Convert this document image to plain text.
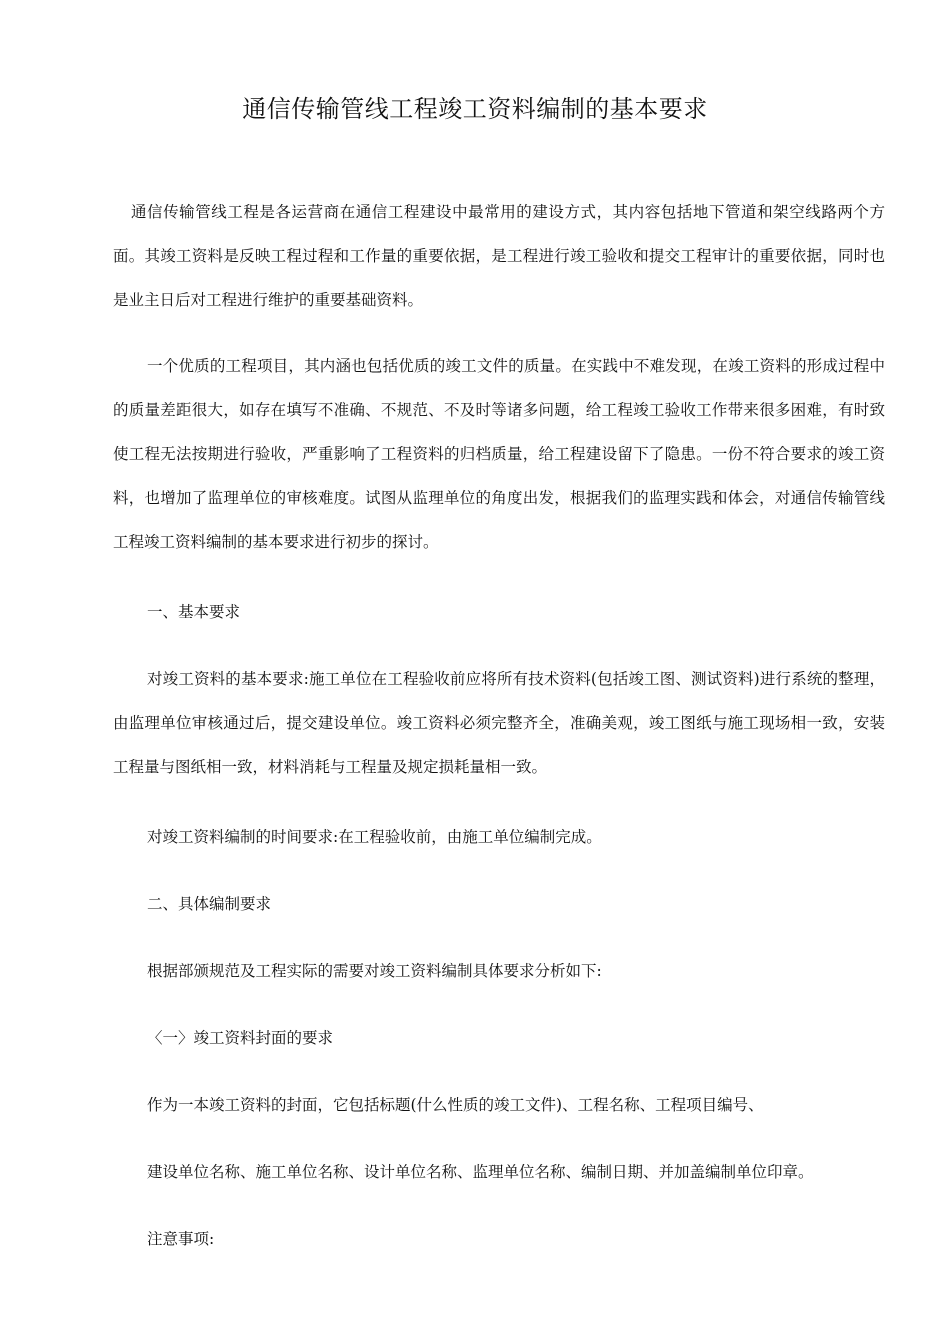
通信传输管线工程竣工资料编制的基本要求

通信传输管线工程是各运营商在通信工程建设中最常用的建设方式，其内容包括地下管道和架空线路两个方面。其竣工资料是反映工程过程和工作量的重要依据，是工程进行竣工验收和提交工程审计的重要依据，同时也是业主日后对工程进行维护的重要基础资料。

一个优质的工程项目，其内涵也包括优质的竣工文件的质量。在实践中不难发现，在竣工资料的形成过程中的质量差距很大，如存在填写不准确、不规范、不及时等诸多问题，给工程竣工验收工作带来很多困难，有时致使工程无法按期进行验收，严重影响了工程资料的归档质量，给工程建设留下了隐患。一份不符合要求的竣工资料，也增加了监理单位的审核难度。试图从监理单位的角度出发，根据我们的监理实践和体会，对通信传输管线工程竣工资料编制的基本要求进行初步的探讨。

一、基本要求

对竣工资料的基本要求:施工单位在工程验收前应将所有技术资料(包括竣工图、测试资料)进行系统的整理，由监理单位审核通过后，提交建设单位。竣工资料必须完整齐全，准确美观，竣工图纸与施工现场相一致，安装工程量与图纸相一致，材料消耗与工程量及规定损耗量相一致。

对竣工资料编制的时间要求:在工程验收前，由施工单位编制完成。

二、具体编制要求

根据部颁规范及工程实际的需要对竣工资料编制具体要求分析如下:

〈一〉竣工资料封面的要求

作为一本竣工资料的封面，它包括标题(什么性质的竣工文件)、工程名称、工程项目编号、

建设单位名称、施工单位名称、设计单位名称、监理单位名称、编制日期、并加盖编制单位印章。

注意事项:
